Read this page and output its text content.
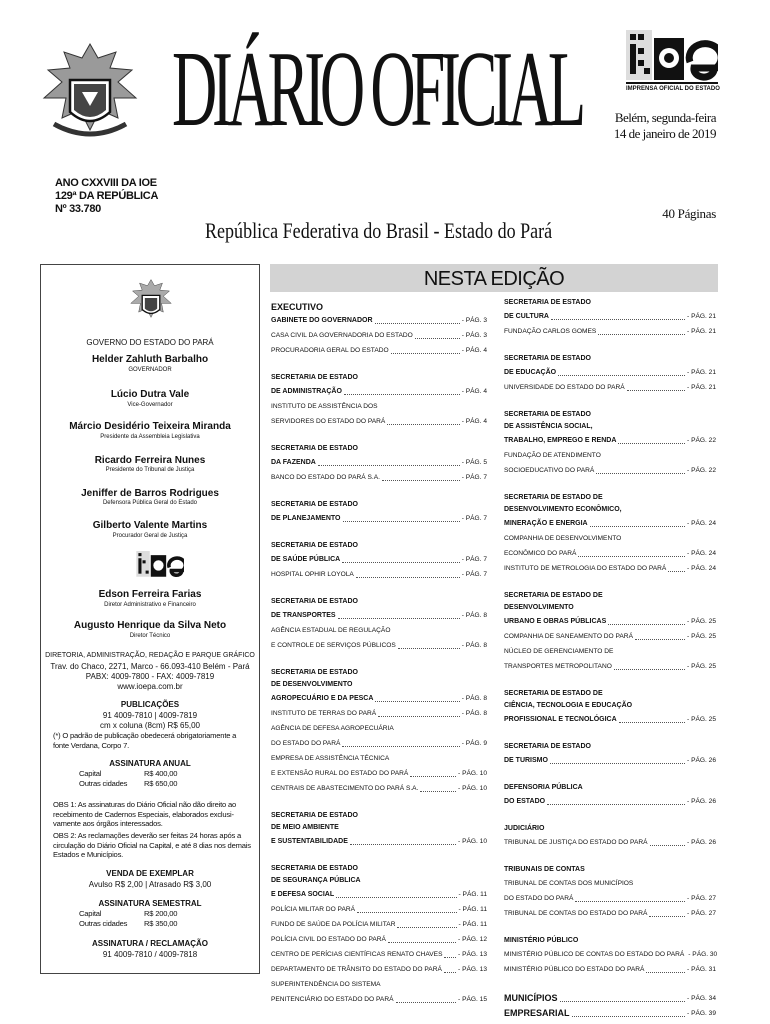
DIÁRIO OFICIAL
República Federativa do Brasil - Estado do Pará
ANO CXXVIII DA IOE
129ª DA REPÚBLICA
Nº 33.780
IMPRENSA OFICIAL DO ESTADO
Belém, segunda-feira
14 de janeiro de 2019
40 Páginas
GOVERNO DO ESTADO DO PARÁ
Helder Zahluth Barbalho
GOVERNADOR
Lúcio Dutra Vale
Vice-Governador
Márcio Desidério Teixeira Miranda
Presidente da Assembleia Legislativa
Ricardo Ferreira Nunes
Presidente do Tribunal de Justiça
Jeniffer de Barros Rodrigues
Defensora Pública Geral do Estado
Gilberto Valente Martins
Procurador Geral de Justiça
Edson Ferreira Farias
Diretor Administrativo e Financeiro
Augusto Henrique da Silva Neto
Diretor Técnico
DIRETORIA, ADMINISTRAÇÃO, REDAÇÃO E PARQUE GRÁFICO
Trav. do Chaco, 2271, Marco - 66.093-410 Belém - Pará
PABX: 4009-7800 - FAX: 4009-7819
www.ioepa.com.br
PUBLICAÇÕES
91 4009-7810 | 4009-7819
cm x coluna (8cm) R$ 65,00
(*) O padrão de publicação obedecerá obrigatoriamente a fonte Verdana, Corpo 7.
ASSINATURA ANUAL
Capital	R$ 400,00
Outras cidades	R$ 650,00
OBS 1: As assinaturas do Diário Oficial não dão direito ao recebimento de Cadernos Especiais, elaborados exclusi-vamente aos órgãos interessados.
OBS 2: As reclamações deverão ser feitas 24 horas após a circulação do Diário Oficial na Capital, e até 8 dias nos demais Estados e Municípios.
VENDA DE EXEMPLAR
Avulso R$ 2,00 | Atrasado R$ 3,00
ASSINATURA SEMESTRAL
Capital	R$ 200,00
Outras cidades	R$ 350,00
ASSINATURA / RECLAMAÇÃO
91 4009-7810 / 4009-7818
NESTA EDIÇÃO
EXECUTIVO
GABINETE DO GOVERNADOR	- PÁG. 3
CASA CIVIL DA GOVERNADORIA DO ESTADO	- PÁG. 3
PROCURADORIA GERAL DO ESTADO	- PÁG. 4
SECRETARIA DE ESTADO
DE ADMINISTRAÇÃO	- PÁG. 4
INSTITUTO DE ASSISTÊNCIA DOS
SERVIDORES DO ESTADO DO PARÁ	- PÁG. 4
SECRETARIA DE ESTADO
DA FAZENDA	- PÁG. 5
BANCO DO ESTADO DO PARÁ S.A.	- PÁG. 7
SECRETARIA DE ESTADO
DE PLANEJAMENTO	- PÁG. 7
SECRETARIA DE ESTADO
DE SAÚDE PÚBLICA	- PÁG. 7
HOSPITAL OPHIR LOYOLA	- PÁG. 7
SECRETARIA DE ESTADO
DE TRANSPORTES	- PÁG. 8
AGÊNCIA ESTADUAL DE REGULAÇÃO
E CONTROLE DE SERVIÇOS PÚBLICOS	- PÁG. 8
SECRETARIA DE ESTADO
DE DESENVOLVIMENTO
AGROPECUÁRIO E DA PESCA	- PÁG. 8
INSTITUTO DE TERRAS DO PARÁ	- PÁG. 8
AGÊNCIA DE DEFESA AGROPECUÁRIA
DO ESTADO DO PARÁ	- PÁG. 9
EMPRESA DE ASSISTÊNCIA TÉCNICA
E EXTENSÃO RURAL DO ESTADO DO PARÁ	- PÁG. 10
CENTRAIS DE ABASTECIMENTO DO PARÁ S.A.	- PÁG. 10
SECRETARIA DE ESTADO
DE MEIO AMBIENTE
E SUSTENTABILIDADE	- PÁG. 10
SECRETARIA DE ESTADO
DE SEGURANÇA PÚBLICA
E DEFESA SOCIAL	- PÁG. 11
POLÍCIA MILITAR DO PARÁ	- PÁG. 11
FUNDO DE SAÚDE DA POLÍCIA MILITAR	- PÁG. 11
POLÍCIA CIVIL DO ESTADO DO PARÁ	- PÁG. 12
CENTRO DE PERÍCIAS CIENTÍFICAS RENATO CHAVES - PÁG. 13
DEPARTAMENTO DE TRÂNSITO DO ESTADO DO PARÁ - PÁG. 13
SUPERINTENDÊNCIA DO SISTEMA
PENITENCIÁRIO DO ESTADO DO PARÁ	- PÁG. 15
SECRETARIA DE ESTADO
DE CULTURA	- PÁG. 21
FUNDAÇÃO CARLOS GOMES	- PÁG. 21
SECRETARIA DE ESTADO
DE EDUCAÇÃO	- PÁG. 21
UNIVERSIDADE DO ESTADO DO PARÁ	- PÁG. 21
SECRETARIA DE ESTADO
DE ASSISTÊNCIA SOCIAL,
TRABALHO, EMPREGO E RENDA	- PÁG. 22
FUNDAÇÃO DE ATENDIMENTO
SOCIOEDUCATIVO DO PARÁ	- PÁG. 22
SECRETARIA DE ESTADO DE
DESENVOLVIMENTO ECONÔMICO,
MINERAÇÃO E ENERGIA	- PÁG. 24
COMPANHIA DE DESENVOLVIMENTO
ECONÔMICO DO PARÁ	- PÁG. 24
INSTITUTO DE METROLOGIA DO ESTADO DO PARÁ	- PÁG. 24
SECRETARIA DE ESTADO DE
DESENVOLVIMENTO
URBANO E OBRAS PÚBLICAS	- PÁG. 25
COMPANHIA DE SANEAMENTO DO PARÁ	- PÁG. 25
NÚCLEO DE GERENCIAMENTO DE
TRANSPORTES METROPOLITANO	- PÁG. 25
SECRETARIA DE ESTADO DE
CIÊNCIA, TECNOLOGIA E EDUCAÇÃO
PROFISSIONAL E TECNOLÓGICA	- PÁG. 25
SECRETARIA DE ESTADO
DE TURISMO	- PÁG. 26
DEFENSORIA PÚBLICA
DO ESTADO	- PÁG. 26
JUDICIÁRIO
TRIBUNAL DE JUSTIÇA DO ESTADO DO PARÁ	- PÁG. 26
TRIBUNAIS DE CONTAS
TRIBUNAL DE CONTAS DOS MUNICÍPIOS
DO ESTADO DO PARÁ	- PÁG. 27
TRIBUNAL DE CONTAS DO ESTADO DO PARÁ	- PÁG. 27
MINISTÉRIO PÚBLICO
MINISTÉRIO PÚBLICO DE CONTAS DO ESTADO DO PARÁ - PÁG. 30
MINISTÉRIO PÚBLICO DO ESTADO DO PARÁ	- PÁG. 31
MUNICÍPIOS	- PÁG. 34
EMPRESARIAL	- PÁG. 39
